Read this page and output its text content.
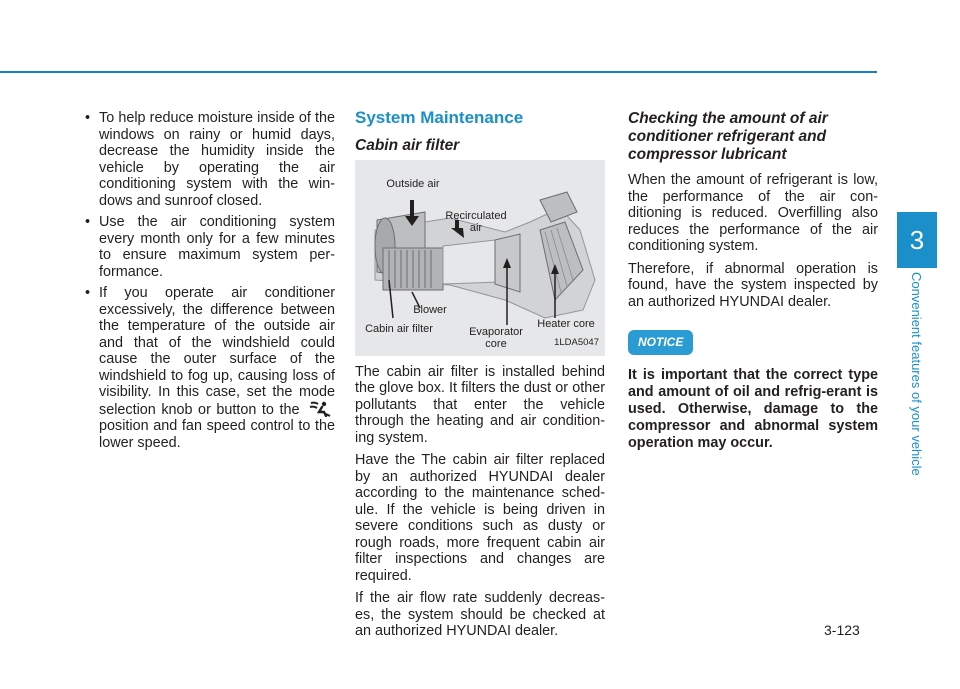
3
Convenient features of your vehicle
• To help reduce moisture inside of the windows on rainy or humid days, decrease the humidity inside the vehicle by operating the air conditioning system with the win-dows and sunroof closed.
• Use the air conditioning system every month only for a few minutes to ensure maximum system per-formance.
• If you operate air conditioner excessively, the difference between the temperature of the outside air and that of the windshield could cause the outer surface of the windshield to fog up, causing loss of visibility. In this case, set the mode selection knob or button to the  position and fan speed control to the lower speed.
System Maintenance
Cabin air filter
Outside air
Recirculated air
Blower
Cabin air filter	Evaporator core
Heater core
1LDA5047

The cabin air filter is installed behind the glove box. It filters the dust or other pollutants that enter the vehicle through the heating and air condition-ing system.

Have the The cabin air filter replaced by an authorized HYUNDAI dealer according to the maintenance sched-ule. If the vehicle is being driven in severe conditions such as dusty or rough roads, more frequent cabin air filter inspections and changes are required.

If the air flow rate suddenly decreas-es, the system should be checked at an authorized HYUNDAI dealer.

Checking the amount of air conditioner refrigerant and compressor lubricant

When the amount of refrigerant is low, the performance of the air con-ditioning is reduced. Overfilling also reduces the performance of the air conditioning system.

Therefore, if abnormal operation is found, have the system inspected by an authorized HYUNDAI dealer.

NOTICE
It is important that the correct type and amount of oil and refrig-erant is used. Otherwise, damage to the compressor and abnormal system operation may occur.
3-123
